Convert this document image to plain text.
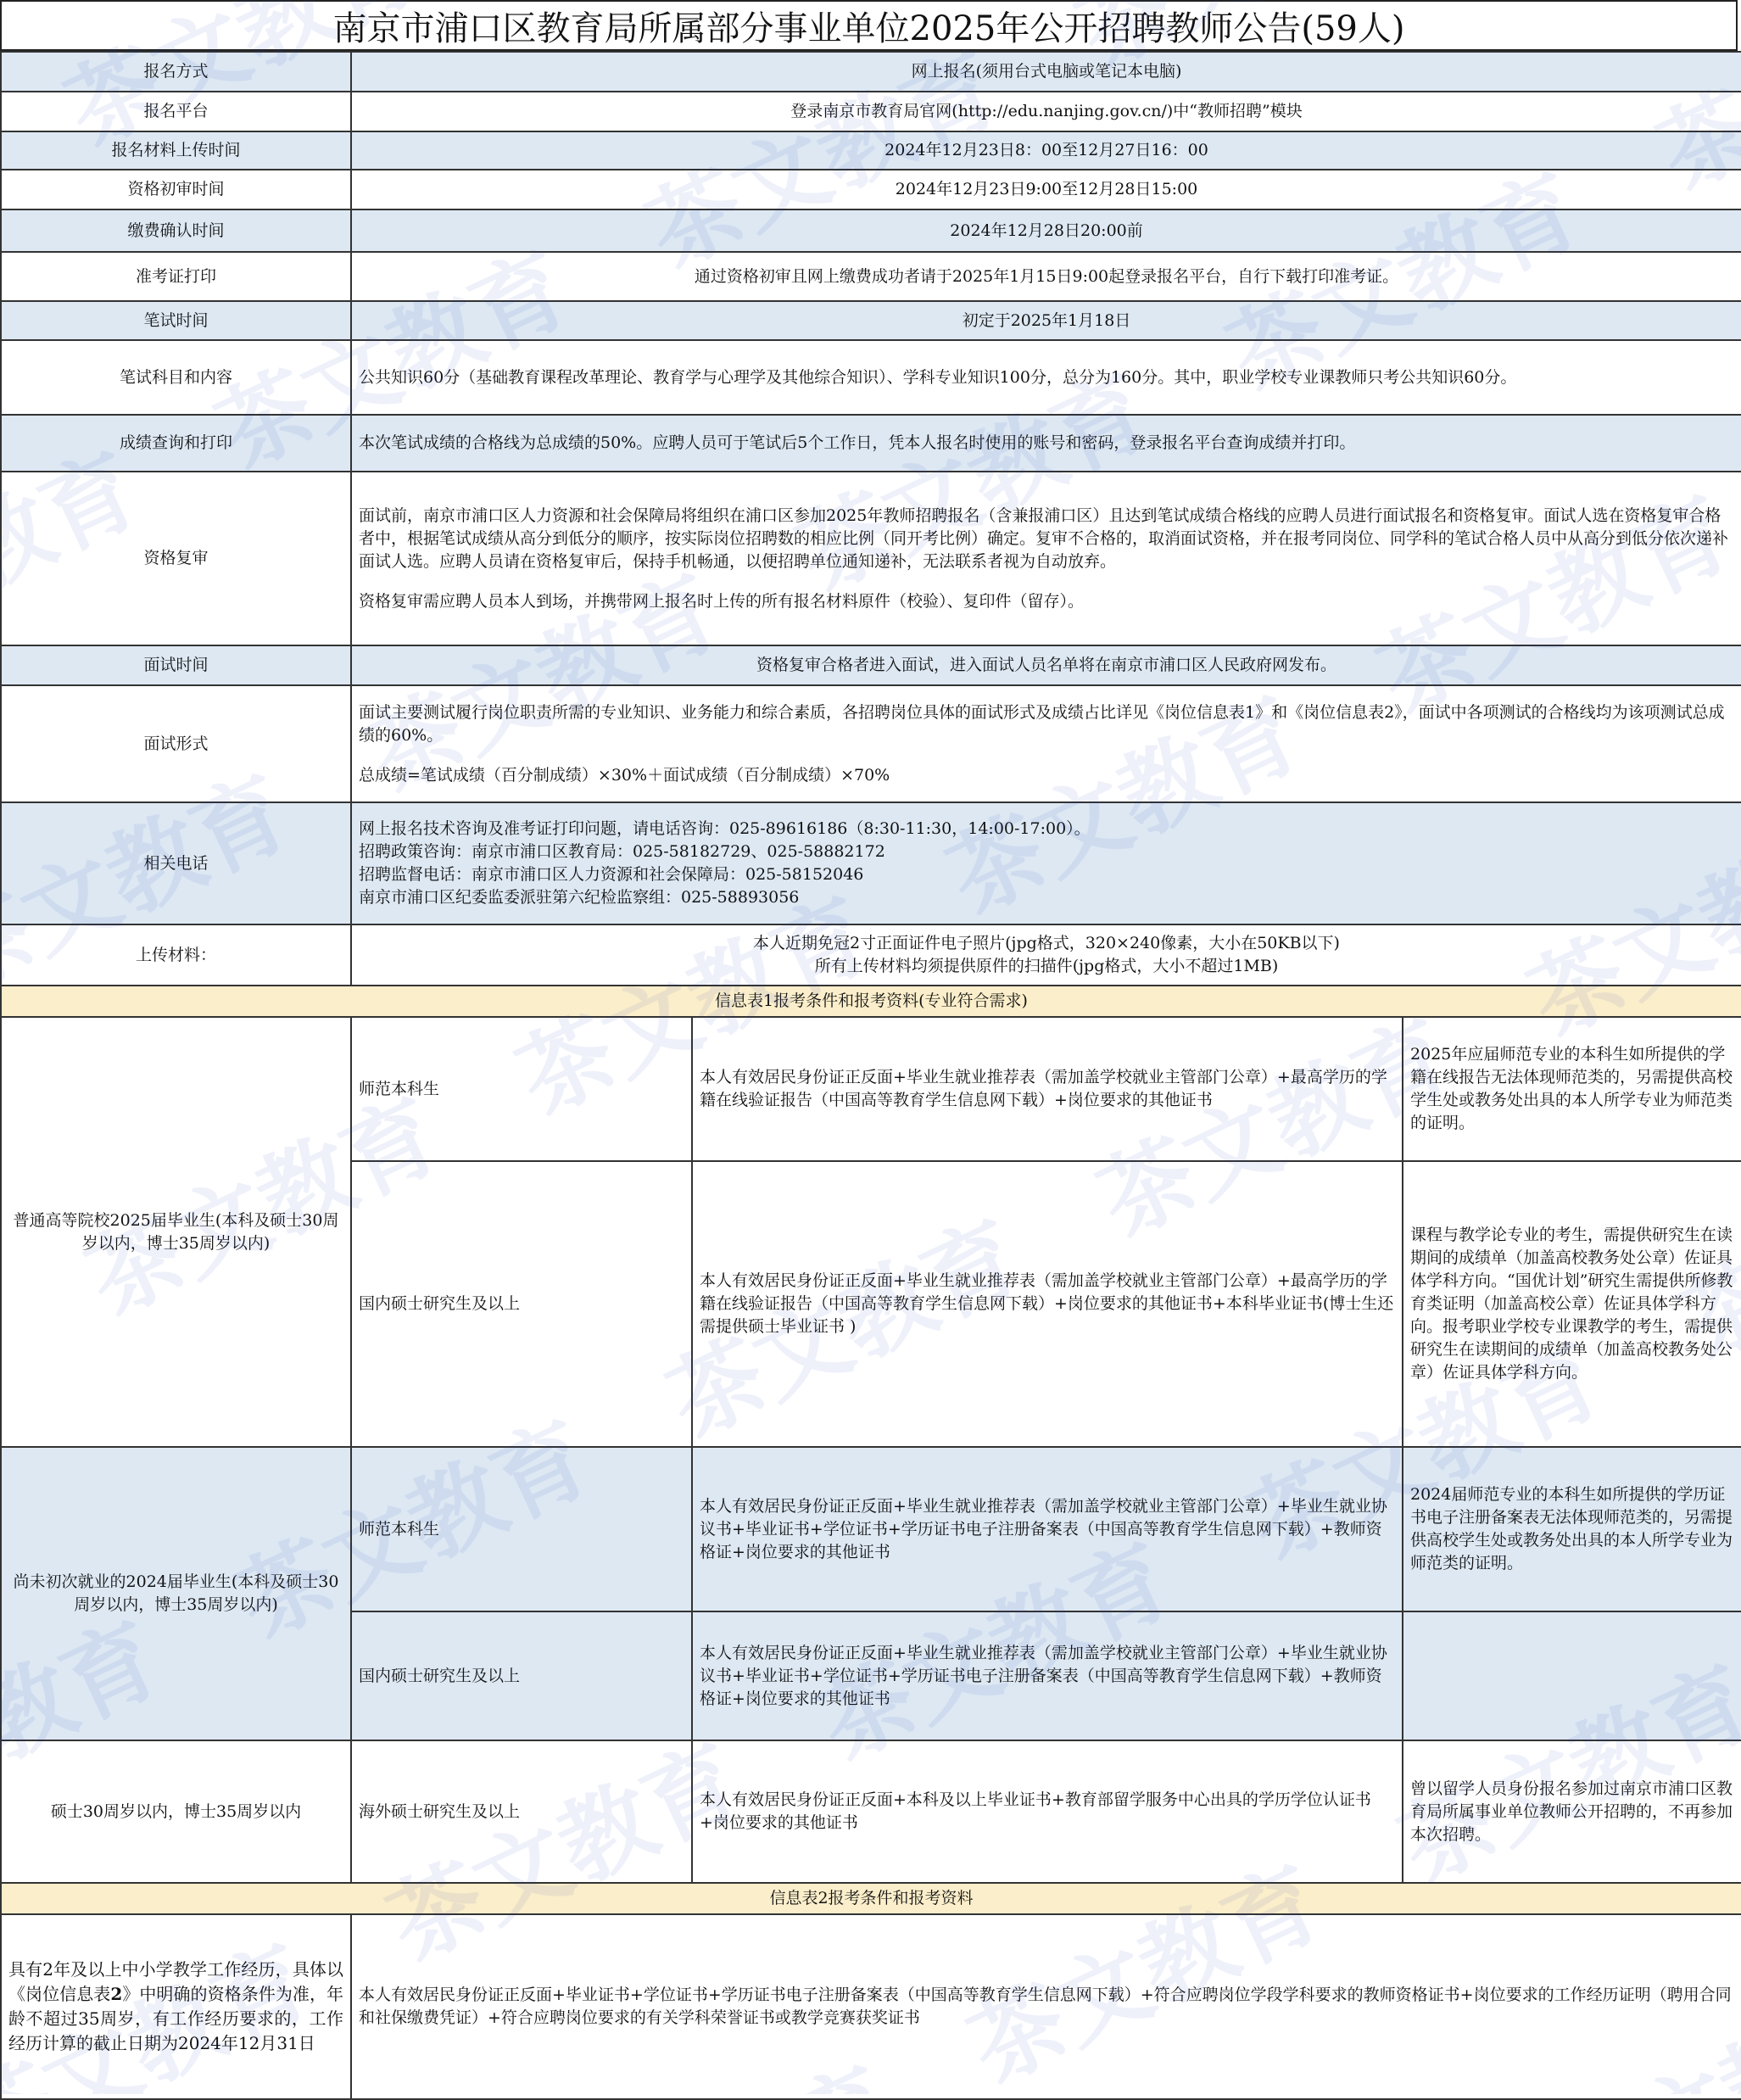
南京市浦口区教育局所属部分事业单位2025年公开招聘教师公告(59人)
报名方式	网上报名(须用台式电脑或笔记本电脑)		
报名平台	登录南京市教育局官网(http://edu.nanjing.gov.cn/)中“教师招聘”模块		
报名材料上传时间	2024年12月23日8：00至12月27日16：00		
资格初审时间	2024年12月23日9:00至12月28日15:00		
缴费确认时间	2024年12月28日20:00前		
准考证打印	通过资格初审且网上缴费成功者请于2025年1月15日9:00起登录报名平台，自行下载打印准考证。		
笔试时间	初定于2025年1月18日		
笔试科目和内容	公共知识60分（基础教育课程改革理论、教育学与心理学及其他综合知识）、学科专业知识100分，总分为160分。其中，职业学校专业课教师只考公共知识60分。		
成绩查询和打印	本次笔试成绩的合格线为总成绩的50%。应聘人员可于笔试后5个工作日，凭本人报名时使用的账号和密码，登录报名平台查询成绩并打印。		
资格复审	面试前，南京市浦口区人力资源和社会保障局将组织在浦口区参加2025年教师招聘报名（含兼报浦口区）且达到笔试成绩合格线的应聘人员进行面试报名和资格复审。面试人选在资格复审合格者中，根据笔试成绩从高分到低分的顺序，按实际岗位招聘数的相应比例（同开考比例）确定。复审不合格的，取消面试资格，并在报考同岗位、同学科的笔试合格人员中从高分到低分依次递补面试人选。应聘人员请在资格复审后，保持手机畅通，以便招聘单位通知递补，无法联系者视为自动放弃。

资格复审需应聘人员本人到场，并携带网上报名时上传的所有报名材料原件（校验）、复印件（留存）。		

面试时间	资格复审合格者进入面试，进入面试人员名单将在南京市浦口区人民政府网发布。		
面试形式	面试主要测试履行岗位职责所需的专业知识、业务能力和综合素质，各招聘岗位具体的面试形式及成绩占比详见《岗位信息表1》和《岗位信息表2》，面试中各项测试的合格线均为该项测试总成绩的60%。

总成绩=笔试成绩（百分制成绩）×30%＋面试成绩（百分制成绩）×70%		

相关电话	网上报名技术咨询及准考证打印问题，请电话咨询：025-89616186（8:30-11:30，14:00-17:00）。
招聘政策咨询：南京市浦口区教育局：025-58182729、025-58882172
招聘监督电话：南京市浦口区人力资源和社会保障局：025-58152046
南京市浦口区纪委监委派驻第六纪检监察组：025-58893056		

上传材料：	本人近期免冠2寸正面证件电子照片(jpg格式，320×240像素，大小在50KB以下)
所有上传材料均须提供原件的扫描件(jpg格式，大小不超过1MB)		

信息表1报考条件和报考资料(专业符合需求)			
普通高等院校2025届毕业生(本科及硕士30周岁以内，博士35周岁以内)	师范本科生	本人有效居民身份证正反面+毕业生就业推荐表（需加盖学校就业主管部门公章）+最高学历的学籍在线验证报告（中国高等教育学生信息网下载）+岗位要求的其他证书	2025年应届师范专业的本科生如所提供的学籍在线报告无法体现师范类的，另需提供高校学生处或教务处出具的本人所学专业为师范类的证明。
	国内硕士研究生及以上	本人有效居民身份证正反面+毕业生就业推荐表（需加盖学校就业主管部门公章）+最高学历的学籍在线验证报告（中国高等教育学生信息网下载）+岗位要求的其他证书+本科毕业证书(博士生还需提供硕士毕业证书 )	课程与教学论专业的考生，需提供研究生在读期间的成绩单（加盖高校教务处公章）佐证具体学科方向。“国优计划”研究生需提供所修教育类证明（加盖高校公章）佐证具体学科方向。报考职业学校专业课教学的考生，需提供研究生在读期间的成绩单（加盖高校教务处公章）佐证具体学科方向。
尚未初次就业的2024届毕业生(本科及硕士30周岁以内，博士35周岁以内)	师范本科生	本人有效居民身份证正反面+毕业生就业推荐表（需加盖学校就业主管部门公章）+毕业生就业协议书+毕业证书+学位证书+学历证书电子注册备案表（中国高等教育学生信息网下载）+教师资格证+岗位要求的其他证书	2024届师范专业的本科生如所提供的学历证书电子注册备案表无法体现师范类的，另需提供高校学生处或教务处出具的本人所学专业为师范类的证明。
	国内硕士研究生及以上	本人有效居民身份证正反面+毕业生就业推荐表（需加盖学校就业主管部门公章）+毕业生就业协议书+毕业证书+学位证书+学历证书电子注册备案表（中国高等教育学生信息网下载）+教师资格证+岗位要求的其他证书	
硕士30周岁以内，博士35周岁以内	海外硕士研究生及以上	本人有效居民身份证正反面+本科及以上毕业证书+教育部留学服务中心出具的学历学位认证书+岗位要求的其他证书	曾以留学人员身份报名参加过南京市浦口区教育局所属事业单位教师公开招聘的，不再参加本次招聘。
信息表2报考条件和报考资料			
具有2年及以上中小学教学工作经历，具体以《岗位信息表2》中明确的资格条件为准，年龄不超过35周岁，有工作经历要求的，工作经历计算的截止日期为2024年12月31日	本人有效居民身份证正反面+毕业证书+学位证书+学历证书电子注册备案表（中国高等教育学生信息网下载）+符合应聘岗位学段学科要求的教师资格证书+岗位要求的工作经历证明（聘用合同和社保缴费凭证）+符合应聘岗位要求的有关学科荣誉证书或教学竞赛获奖证书		
